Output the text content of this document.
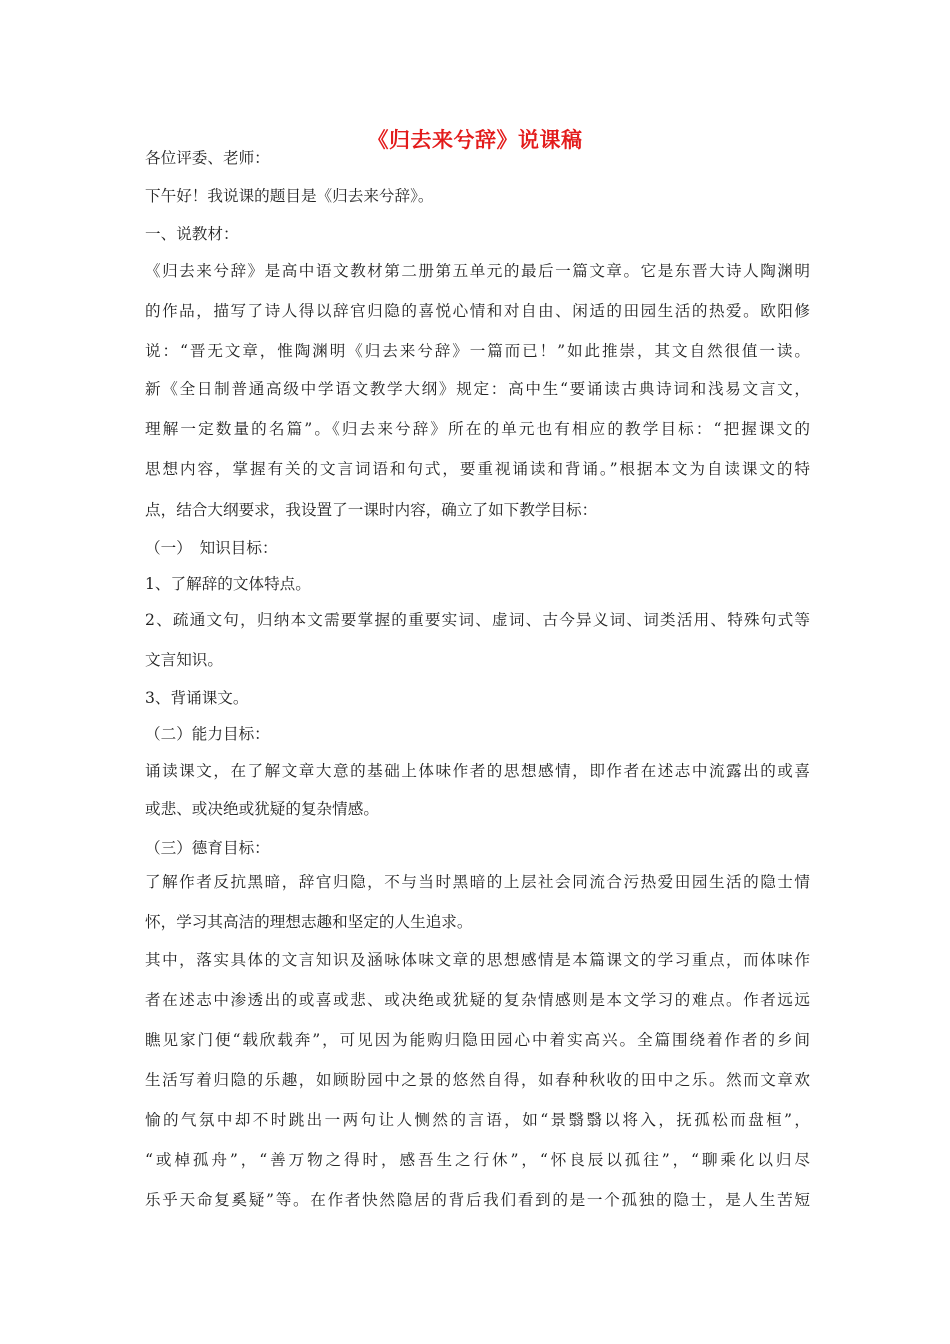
《归去来兮辞》说课稿
各位评委、老师：
下午好！我说课的题目是《归去来兮辞》。
一、说教材：
《归去来兮辞》是高中语文教材第二册第五单元的最后一篇文章。它是东晋大诗人陶渊明
的作品，描写了诗人得以辞官归隐的喜悦心情和对自由、闲适的田园生活的热爱。欧阳修
说：“晋无文章，惟陶渊明《归去来兮辞》一篇而已！”如此推崇，其文自然很值一读。
新《全日制普通高级中学语文教学大纲》规定：高中生“要诵读古典诗词和浅易文言文，
理解一定数量的名篇”。《归去来兮辞》所在的单元也有相应的教学目标：“把握课文的
思想内容，掌握有关的文言词语和句式，要重视诵读和背诵。”根据本文为自读课文的特
点，结合大纲要求，我设置了一课时内容，确立了如下教学目标：
（一）　知识目标：
1、了解辞的文体特点。
2、疏通文句，归纳本文需要掌握的重要实词、虚词、古今异义词、词类活用、特殊句式等
文言知识。
3、背诵课文。
（二）能力目标：
诵读课文，在了解文章大意的基础上体味作者的思想感情，即作者在述志中流露出的或喜
或悲、或决绝或犹疑的复杂情感。
（三）德育目标：
了解作者反抗黑暗，辞官归隐，不与当时黑暗的上层社会同流合污热爱田园生活的隐士情
怀，学习其高洁的理想志趣和坚定的人生追求。
其中，落实具体的文言知识及涵咏体味文章的思想感情是本篇课文的学习重点，而体味作
者在述志中渗透出的或喜或悲、或决绝或犹疑的复杂情感则是本文学习的难点。作者远远
瞧见家门便“载欣载奔”，可见因为能购归隐田园心中着实高兴。全篇围绕着作者的乡间
生活写着归隐的乐趣，如顾盼园中之景的悠然自得，如春种秋收的田中之乐。然而文章欢
愉的气氛中却不时跳出一两句让人恻然的言语，如“景翳翳以将入，抚孤松而盘桓”，
“或棹孤舟”，“善万物之得时，感吾生之行休”，“怀良辰以孤往”，“聊乘化以归尽
乐乎天命复奚疑”等。在作者快然隐居的背后我们看到的是一个孤独的隐士，是人生苦短
